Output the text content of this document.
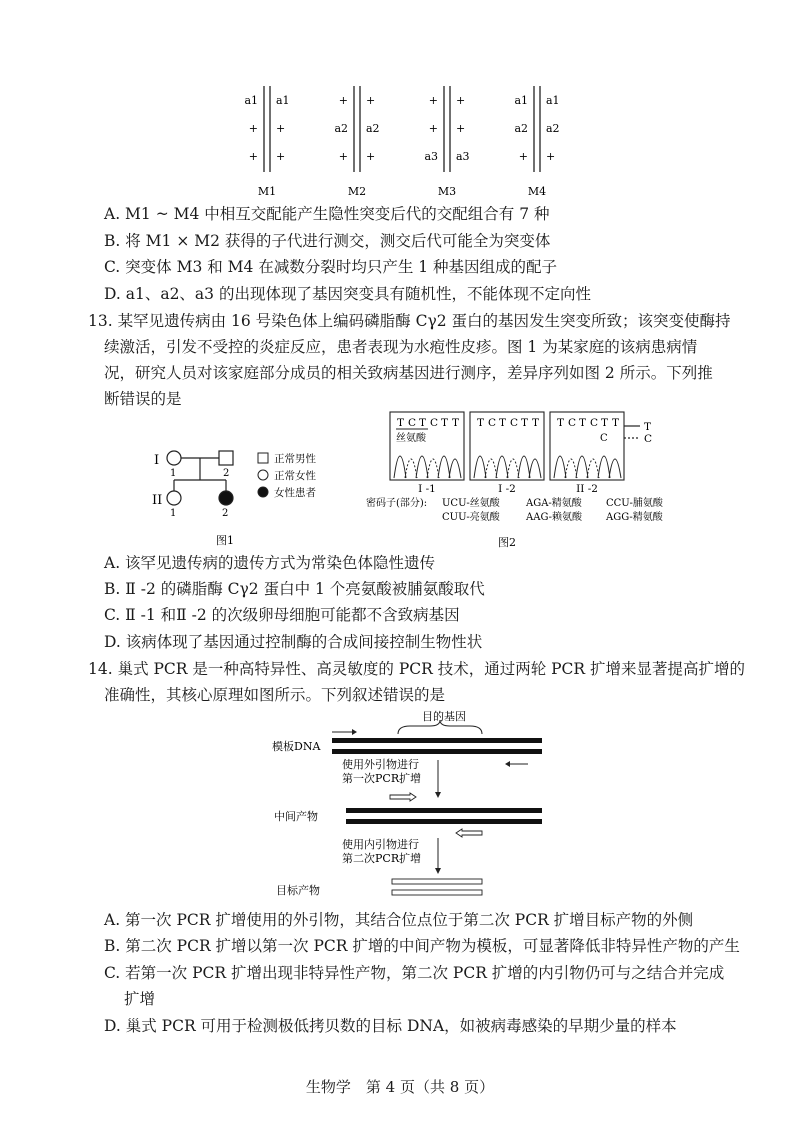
a1
+
+
a1
+
+
M1
+
a2
+
+
a2
+
M2
+
+
a3
+
+
a3
M3
a1
a2
+
a1
a2
+
M4
A. M1 ~ M4 中相互交配能产生隐性突变后代的交配组合有 7 种
B. 将 M1 × M2 获得的子代进行测交，测交后代可能全为突变体
C. 突变体 M3 和 M4 在减数分裂时均只产生 1 种基因组成的配子
D. a1、a2、a3 的出现体现了基因突变具有随机性，不能体现不定向性
13. 某罕见遗传病由 16 号染色体上编码磷脂酶 Cγ2 蛋白的基因发生突变所致；该突变使酶持
续激活，引发不受控的炎症反应，患者表现为水疱性皮疹。图 1 为某家庭的该病患病情
况，研究人员对该家庭部分成员的相关致病基因进行测序，差异序列如图 2 所示。下列推
断错误的是
I
II
1	2
1	2
正常男性
正常女性
女性患者
图1
T C T C T T
丝氨酸
I -1
T C T C T T
I -2
T C T C T T
C
II -2
T
C
密码子(部分): UCU-丝氨酸	AGA-精氨酸 CCU-脯氨酸
CUU-亮氨酸	AAG-赖氨酸 AGG-精氨酸
图2
A. 该罕见遗传病的遗传方式为常染色体隐性遗传
B. Ⅱ -2 的磷脂酶 Cγ2 蛋白中 1 个亮氨酸被脯氨酸取代
C. Ⅱ -1 和Ⅱ -2 的次级卵母细胞可能都不含致病基因
D. 该病体现了基因通过控制酶的合成间接控制生物性状
14. 巢式 PCR 是一种高特异性、高灵敏度的 PCR 技术，通过两轮 PCR 扩增来显著提高扩增的
准确性，其核心原理如图所示。下列叙述错误的是
目的基因
模板DNA
使用外引物进行
第一次PCR扩增
中间产物
使用内引物进行
第二次PCR扩增
目标产物
A. 第一次 PCR 扩增使用的外引物，其结合位点位于第二次 PCR 扩增目标产物的外侧
B. 第二次 PCR 扩增以第一次 PCR 扩增的中间产物为模板，可显著降低非特异性产物的产生
C. 若第一次 PCR 扩增出现非特异性产物，第二次 PCR 扩增的内引物仍可与之结合并完成
扩增
D. 巢式 PCR 可用于检测极低拷贝数的目标 DNA，如被病毒感染的早期少量的样本
生物学　第 4 页（共 8 页）
